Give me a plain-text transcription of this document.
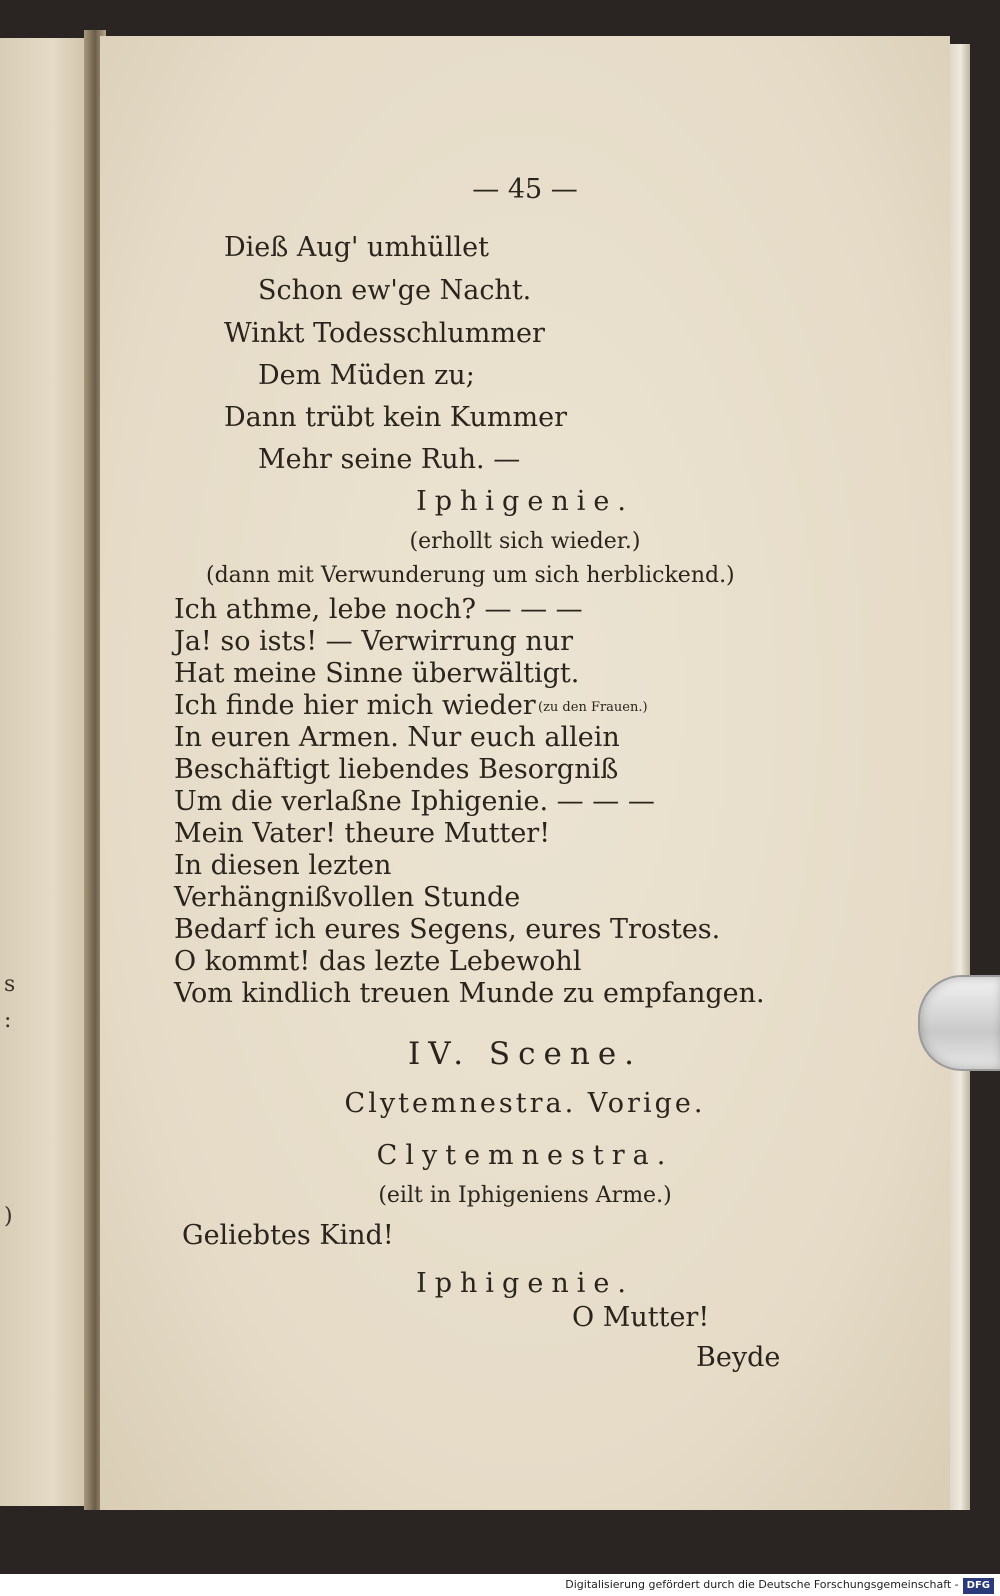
s
:
)
— 45 —
Dieß Aug' umhüllet
Schon ew'ge Nacht.
Winkt Todesschlummer
Dem Müden zu;
Dann trübt kein Kummer
Mehr seine Ruh. —
Iphigenie.
(erhollt sich wieder.)
(dann mit Verwunderung um sich herblickend.)
Ich athme, lebe noch? — — —
Ja! so ists! — Verwirrung nur
Hat meine Sinne überwältigt.
Ich finde hier mich wieder (zu den Frauen.)
In euren Armen. Nur euch allein
Beschäftigt liebendes Besorgniß
Um die verlaßne Iphigenie. — — —
Mein Vater! theure Mutter!
In diesen lezten
Verhängnißvollen Stunde
Bedarf ich eures Segens, eures Trostes.
O kommt! das lezte Lebewohl
Vom kindlich treuen Munde zu empfangen.
IV. Scene.
Clytemnestra. Vorige.
Clytemnestra.
(eilt in Iphigeniens Arme.)
Geliebtes Kind!
Iphigenie.
O Mutter!
Beyde
Digitalisierung gefördert durch die Deutsche Forschungsgemeinschaft - DFG
